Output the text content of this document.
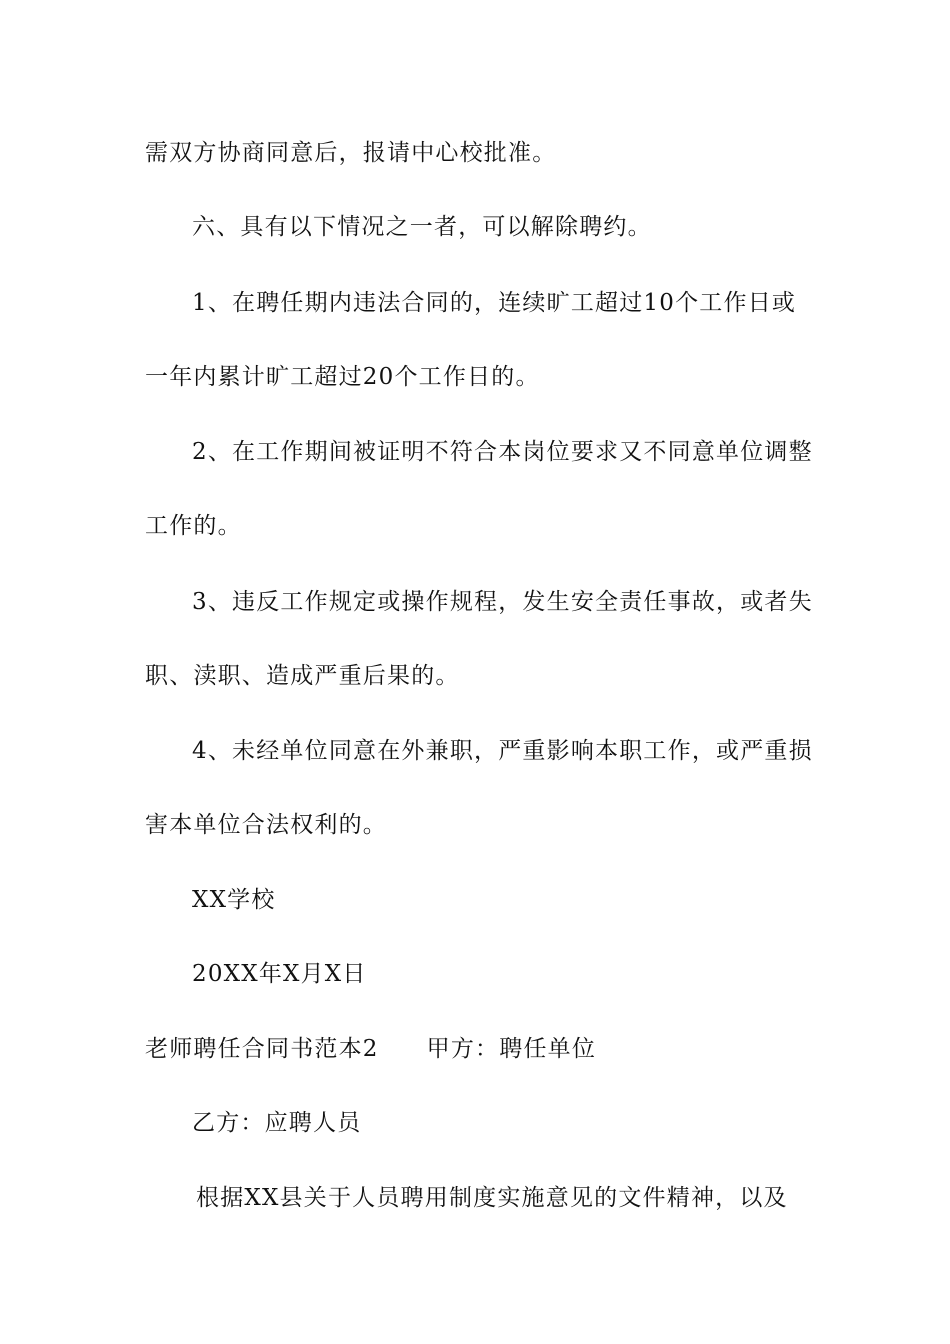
需双方协商同意后，报请中心校批准。
六、具有以下情况之一者，可以解除聘约。
1、在聘任期内违法合同的，连续旷工超过10个工作日或
一年内累计旷工超过20个工作日的。
2、在工作期间被证明不符合本岗位要求又不同意单位调整
工作的。
3、违反工作规定或操作规程，发生安全责任事故，或者失
职、渎职、造成严重后果的。
4、未经单位同意在外兼职，严重影响本职工作，或严重损
害本单位合法权利的。
XX学校
20XX年X月X日
老师聘任合同书范本2 甲方：聘任单位
乙方：应聘人员
根据XX县关于人员聘用制度实施意见的文件精神，以及
